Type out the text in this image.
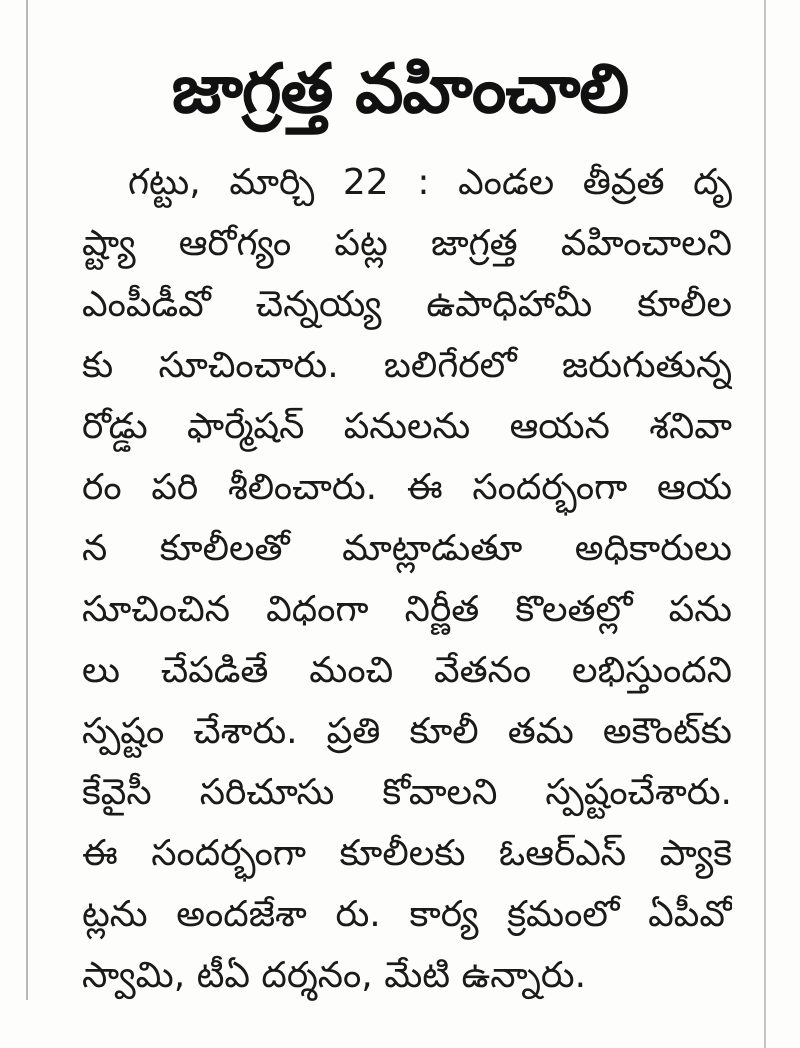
జాగ్రత్త వహించాలి
గట్టు, మార్చి 22 : ఎండల తీవ్రత దృ
ష్ట్యా ఆరోగ్యం పట్ల జాగ్రత్త వహించాలని
ఎంపీడీవో చెన్నయ్య ఉపాధిహామీ కూలీల
కు సూచించారు. బలిగేరలో జరుగుతున్న
రోడ్డు ఫార్మేషన్ పనులను ఆయన శనివా
రం పరి శీలించారు. ఈ సందర్భంగా ఆయ
న కూలీలతో మాట్లాడుతూ అధికారులు
సూచించిన విధంగా నిర్ణీత కొలతల్లో పను
లు చేపడితే మంచి వేతనం లభిస్తుందని
స్పష్టం చేశారు. ప్రతి కూలీ తమ అకౌంట్‌కు
కేవైసీ సరిచూసు కోవాలని స్పష్టంచేశారు.
ఈ సందర్భంగా కూలీలకు ఓఆర్ఎస్ ప్యాకె
ట్లను అందజేశా రు. కార్య క్రమంలో ఏపీవో
స్వామి, టీఏ దర్శనం, మేటి ఉన్నారు.
